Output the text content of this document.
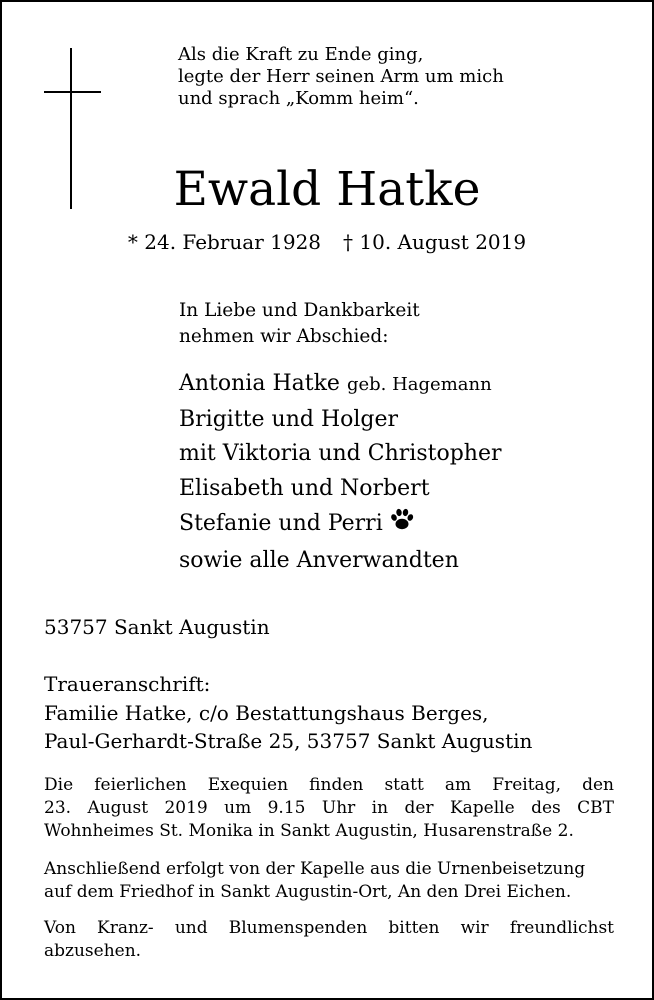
Als die Kraft zu Ende ging,
legte der Herr seinen Arm um mich
und sprach „Komm heim“.
Ewald Hatke
* 24. Februar 1928 † 10. August 2019
In Liebe und Dankbarkeit
nehmen wir Abschied:
Antonia Hatke geb. Hagemann
Brigitte und Holger
mit Viktoria und Christopher
Elisabeth und Norbert
Stefanie und Perri
sowie alle Anverwandten
53757 Sankt Augustin
Traueranschrift:
Familie Hatke, c/o Bestattungshaus Berges,
Paul-Gerhardt-Straße 25, 53757 Sankt Augustin
Die feierlichen Exequien finden statt am Freitag, den
23. August 2019 um 9.15 Uhr in der Kapelle des CBT
Wohnheimes St. Monika in Sankt Augustin, Husarenstraße 2.
Anschließend erfolgt von der Kapelle aus die Urnenbeisetzung
auf dem Friedhof in Sankt Augustin-Ort, An den Drei Eichen.
Von Kranz- und Blumenspenden bitten wir freundlichst
abzusehen.
